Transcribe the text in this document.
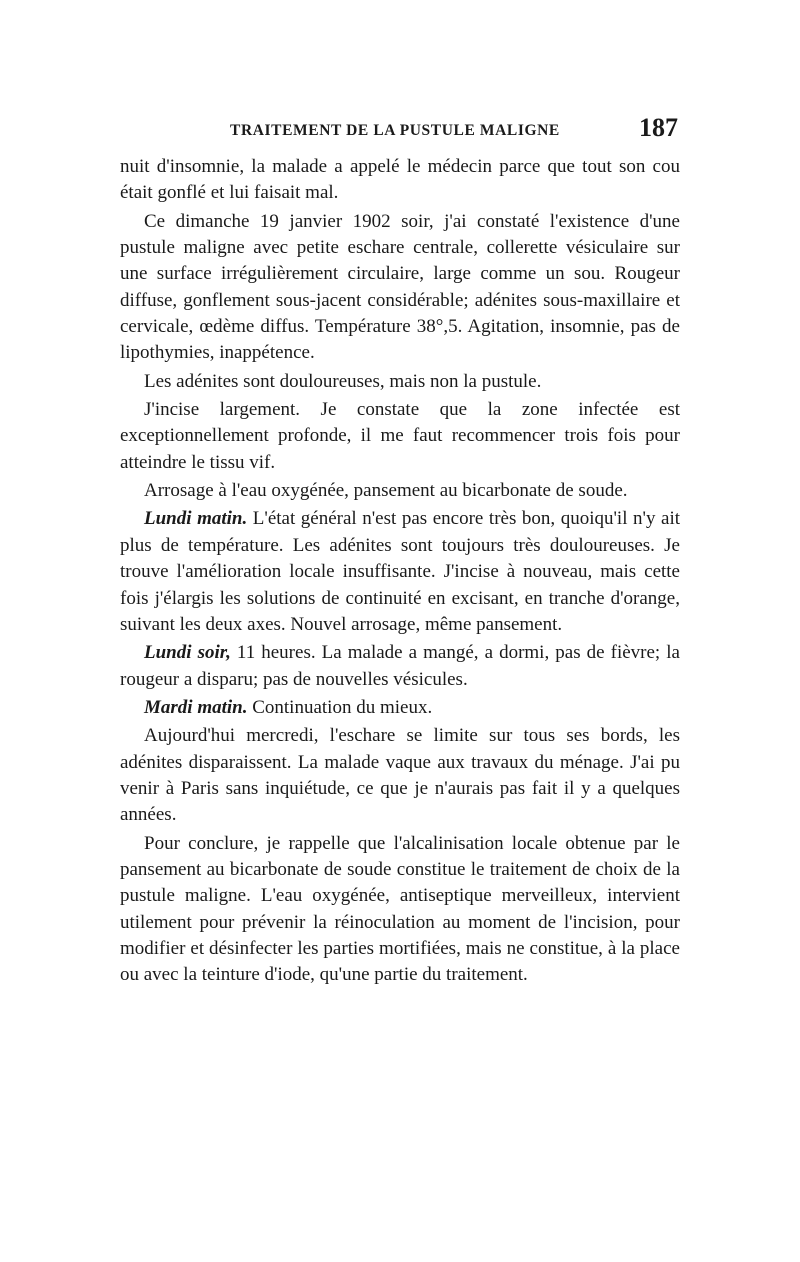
TRAITEMENT DE LA PUSTULE MALIGNE	187

nuit d'insomnie, la malade a appelé le médecin parce que tout son cou était gonflé et lui faisait mal.

Ce dimanche 19 janvier 1902 soir, j'ai constaté l'existence d'une pustule maligne avec petite eschare centrale, collerette vésiculaire sur une surface irrégulièrement circulaire, large comme un sou. Rougeur diffuse, gonflement sous-jacent considérable; adénites sous-maxillaire et cervicale, œdème diffus. Température 38°,5. Agitation, insomnie, pas de lipothymies, inappétence.

Les adénites sont douloureuses, mais non la pustule.

J'incise largement. Je constate que la zone infectée est exceptionnellement profonde, il me faut recommencer trois fois pour atteindre le tissu vif.

Arrosage à l'eau oxygénée, pansement au bicarbonate de soude.

Lundi matin. L'état général n'est pas encore très bon, quoiqu'il n'y ait plus de température. Les adénites sont toujours très douloureuses. Je trouve l'amélioration locale insuffisante. J'incise à nouveau, mais cette fois j'élargis les solutions de continuité en excisant, en tranche d'orange, suivant les deux axes. Nouvel arrosage, même pansement.

Lundi soir, 11 heures. La malade a mangé, a dormi, pas de fièvre; la rougeur a disparu; pas de nouvelles vésicules.

Mardi matin. Continuation du mieux.

Aujourd'hui mercredi, l'eschare se limite sur tous ses bords, les adénites disparaissent. La malade vaque aux travaux du ménage. J'ai pu venir à Paris sans inquiétude, ce que je n'aurais pas fait il y a quelques années.

Pour conclure, je rappelle que l'alcalinisation locale obtenue par le pansement au bicarbonate de soude constitue le traitement de choix de la pustule maligne. L'eau oxygénée, antiseptique merveilleux, intervient utilement pour prévenir la réinoculation au moment de l'incision, pour modifier et désinfecter les parties mortifiées, mais ne constitue, à la place ou avec la teinture d'iode, qu'une partie du traitement.
